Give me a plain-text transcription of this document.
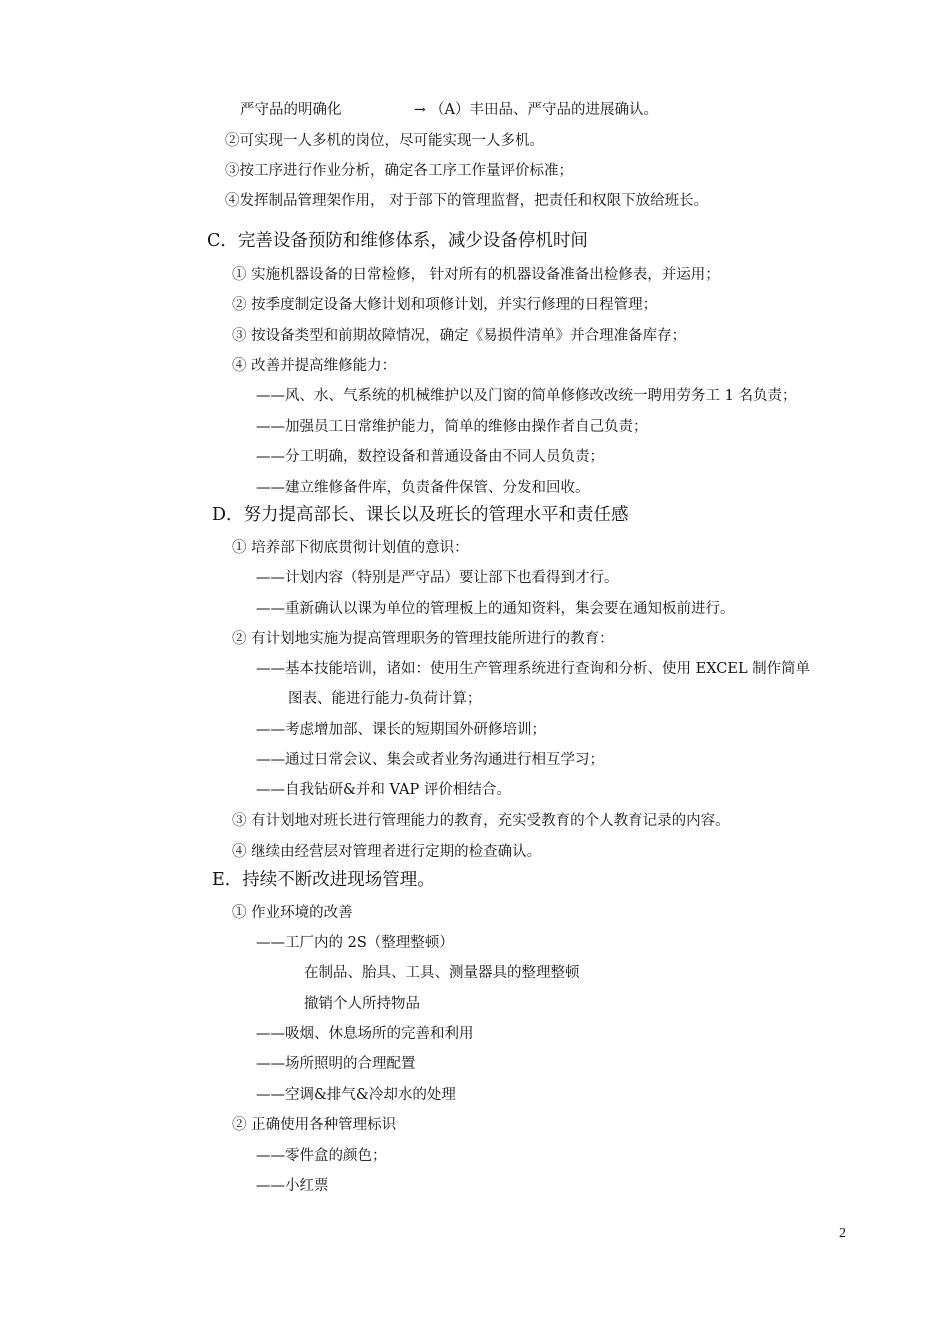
严守品的明确化	→ （A）丰田品、严守品的进展确认。
②可实现一人多机的岗位，尽可能实现一人多机。
③按工序进行作业分析，确定各工序工作量评价标准；
④发挥制品管理架作用， 对于部下的管理监督，把责任和权限下放给班长。
C．完善设备预防和维修体系，减少设备停机时间
① 实施机器设备的日常检修， 针对所有的机器设备准备出检修表，并运用；
② 按季度制定设备大修计划和项修计划，并实行修理的日程管理；
③ 按设备类型和前期故障情况，确定《易损件清单》并合理准备库存；
④ 改善并提高维修能力：
——风、水、气系统的机械维护以及门窗的简单修修改改统一聘用劳务工 1 名负责；
——加强员工日常维护能力，简单的维修由操作者自己负责；
——分工明确，数控设备和普通设备由不同人员负责；
——建立维修备件库，负责备件保管、分发和回收。
D．努力提高部长、课长以及班长的管理水平和责任感
① 培养部下彻底贯彻计划值的意识：
——计划内容（特别是严守品）要让部下也看得到才行。
——重新确认以课为单位的管理板上的通知资料，集会要在通知板前进行。
② 有计划地实施为提高管理职务的管理技能所进行的教育：
——基本技能培训，诸如：使用生产管理系统进行查询和分析、使用 EXCEL 制作简单
图表、能进行能力-负荷计算；
——考虑增加部、课长的短期国外研修培训；
——通过日常会议、集会或者业务沟通进行相互学习；
——自我钻研&并和 VAP 评价相结合。
③ 有计划地对班长进行管理能力的教育，充实受教育的个人教育记录的内容。
④ 继续由经营层对管理者进行定期的检查确认。
E．持续不断改进现场管理。
① 作业环境的改善
——工厂内的 2S（整理整顿）
在制品、胎具、工具、测量器具的整理整顿
撤销个人所持物品
——吸烟、休息场所的完善和利用
——场所照明的合理配置
——空调&排气&冷却水的处理
② 正确使用各种管理标识
——零件盒的颜色；
——小红票
2
